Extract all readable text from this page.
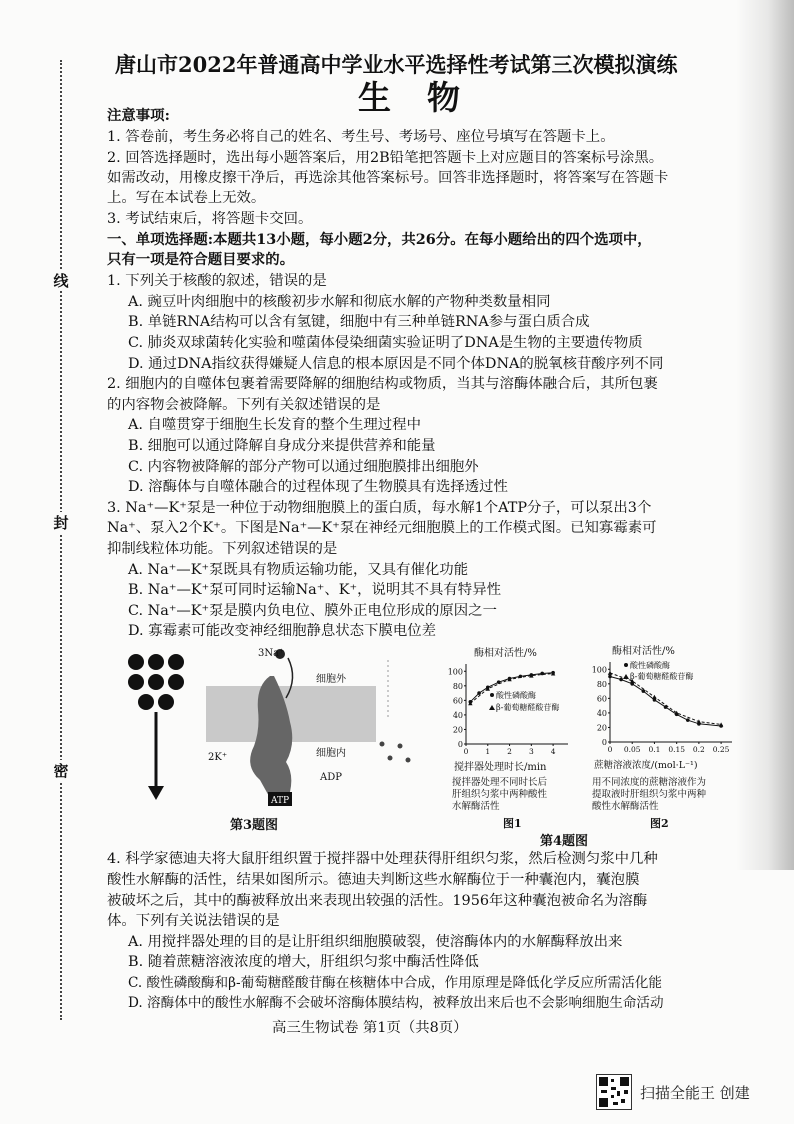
线
封
密
唐山市2022年普通高中学业水平选择性考试第三次模拟演练
生物
注意事项:
1. 答卷前，考生务必将自己的姓名、考生号、考场号、座位号填写在答题卡上。
2. 回答选择题时，选出每小题答案后，用2B铅笔把答题卡上对应题目的答案标号涂黑。
如需改动，用橡皮擦干净后，再选涂其他答案标号。回答非选择题时，将答案写在答题卡
上。写在本试卷上无效。
3. 考试结束后，将答题卡交回。
一、单项选择题:本题共13小题，每小题2分，共26分。在每小题给出的四个选项中，
只有一项是符合题目要求的。
1. 下列关于核酸的叙述，错误的是
A. 豌豆叶肉细胞中的核酸初步水解和彻底水解的产物种类数量相同
B. 单链RNA结构可以含有氢键，细胞中有三种单链RNA参与蛋白质合成
C. 肺炎双球菌转化实验和噬菌体侵染细菌实验证明了DNA是生物的主要遗传物质
D. 通过DNA指纹获得嫌疑人信息的根本原因是不同个体DNA的脱氧核苷酸序列不同
2. 细胞内的自噬体包裹着需要降解的细胞结构或物质，当其与溶酶体融合后，其所包裹
的内容物会被降解。下列有关叙述错误的是
A. 自噬贯穿于细胞生长发育的整个生理过程中
B. 细胞可以通过降解自身成分来提供营养和能量
C. 内容物被降解的部分产物可以通过细胞膜排出细胞外
D. 溶酶体与自噬体融合的过程体现了生物膜具有选择透过性
3. Na⁺—K⁺泵是一种位于动物细胞膜上的蛋白质，每水解1个ATP分子，可以泵出3个
Na⁺、泵入2个K⁺。下图是Na⁺—K⁺泵在神经元细胞膜上的工作模式图。已知寡霉素可
抑制线粒体功能。下列叙述错误的是
A. Na⁺—K⁺泵既具有物质运输功能，又具有催化功能
B. Na⁺—K⁺泵可同时运输Na⁺、K⁺，说明其不具有特异性
C. Na⁺—K⁺泵是膜内负电位、膜外正电位形成的原因之一
D. 寡霉素可能改变神经细胞静息状态下膜电位差
3Na⁺
细胞外
细胞内
2K⁺
ADP
ATP
第3题图
酶相对活性/%
0
20
40
60
80
100
0 1 2 3 4
酸性磷酸酶
β-葡萄糖醛酸苷酶
搅拌器处理时长/min
搅拌器处理不同时长后
肝组织匀浆中两种酸性
水解酶活性
图1
酶相对活性/%
0
20
40
60
80
100
0 0.05 0.1 0.15 0.2 0.25
酸性磷酸酶
β-葡萄糖醛酸苷酶
蔗糖溶液浓度/(mol·L⁻¹)
用不同浓度的蔗糖溶液作为
提取液时肝组织匀浆中两种
酸性水解酶活性
图2
第4题图
4. 科学家德迪夫将大鼠肝组织置于搅拌器中处理获得肝组织匀浆，然后检测匀浆中几种
酸性水解酶的活性，结果如图所示。德迪夫判断这些水解酶位于一种囊泡内，囊泡膜
被破坏之后，其中的酶被释放出来表现出较强的活性。1956年这种囊泡被命名为溶酶
体。下列有关说法错误的是
A. 用搅拌器处理的目的是让肝组织细胞膜破裂，使溶酶体内的水解酶释放出来
B. 随着蔗糖溶液浓度的增大，肝组织匀浆中酶活性降低
C. 酸性磷酸酶和β-葡萄糖醛酸苷酶在核糖体中合成，作用原理是降低化学反应所需活化能
D. 溶酶体中的酸性水解酶不会破坏溶酶体膜结构，被释放出来后也不会影响细胞生命活动
高三生物试卷 第1页（共8页）
扫描全能王 创建
